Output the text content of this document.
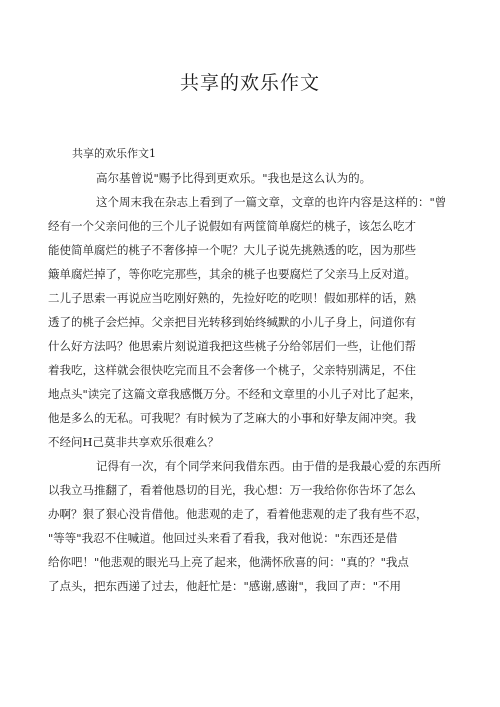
共享的欢乐作文

共享的欢乐作文1

高尔基曾说"赐予比得到更欢乐。"我也是这么认为的。

这个周末我在杂志上看到了一篇文章，文章的也许内容是这样的："曾
经有一个父亲问他的三个儿子说假如有两筐简单腐烂的桃子，该怎么吃才
能使简单腐烂的桃子不奢侈掉一个呢？大儿子说先挑熟透的吃，因为那些
簸单腐烂掉了，等你吃完那些，其余的桃子也要腐烂了父亲马上反对道。
二儿子思索一再说应当吃刚好熟的，先捡好吃的吃呗！假如那样的话，熟
透了的桃子会烂掉。父亲把目光转移到始终缄默的小儿子身上，问道你有
什么好方法吗？他思索片刻说道我把这些桃子分给邻居们一些，让他们帮
着我吃，这样就会很快吃完而且不会奢侈一个桃子，父亲特别满足，不住
地点头"读完了这篇文章我感慨万分。不经和文章里的小儿子对比了起来，
他是多么的无私。可我呢？有时候为了芝麻大的小事和好挚友闹冲突。我
不经问H己莫非共享欢乐很难么？

记得有一次，有个同学来问我借东西。由于借的是我最心爱的东西所
以我立马推翻了，看着他恳切的目光，我心想：万一我给你你告坏了怎么
办啊？狠了狠心没肯借他。他悲观的走了，看着他悲观的走了我有些不忍，
"等等"我忍不住喊道。他回过头来看了看我，我对他说："东西还是借
给你吧！"他悲观的眼光马上亮了起来，他满怀欣喜的问："真的？"我点
了点头，把东西递了过去，他赶忙是："感谢,感谢"，我回了声："不用
